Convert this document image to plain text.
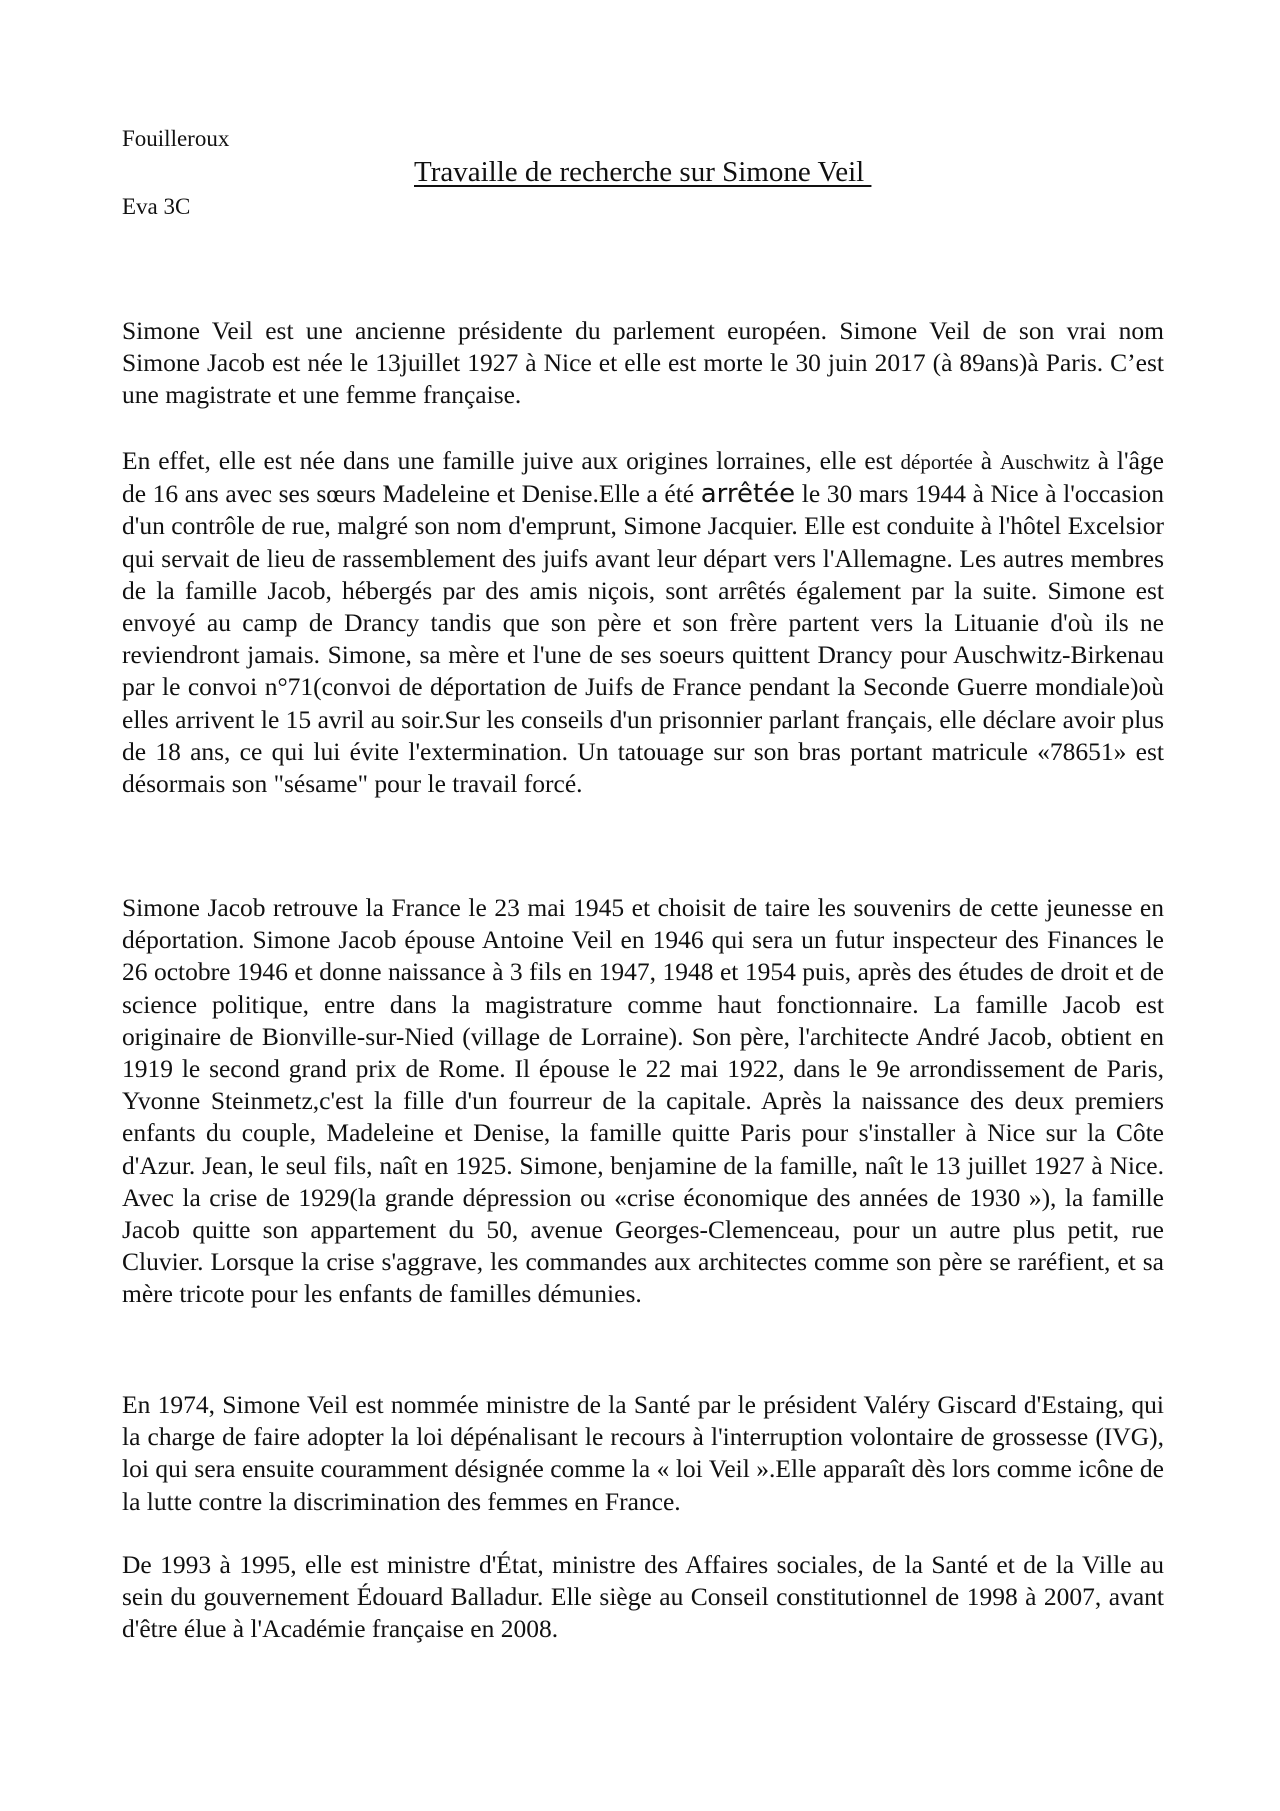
Fouilleroux
Travaille de recherche sur Simone Veil
Eva 3C

Simone Veil est une ancienne présidente du parlement européen. Simone Veil de son vrai nom Simone Jacob est née le 13juillet 1927 à Nice et elle est morte le 30 juin 2017 (à 89ans)à Paris. C’est une magistrate et une femme française.

En effet, elle est née dans une famille juive aux origines lorraines, elle est déportée à Auschwitz à l'âge de 16 ans avec ses sœurs Madeleine et Denise.Elle a été arrêtée le 30 mars 1944 à Nice à l'occasion d'un contrôle de rue, malgré son nom d'emprunt, Simone Jacquier. Elle est conduite à l'hôtel Excelsior qui servait de lieu de rassemblement des juifs avant leur départ vers l'Allemagne. Les autres membres de la famille Jacob, hébergés par des amis niçois, sont arrêtés également par la suite. Simone est envoyé au camp de Drancy tandis que son père et son frère partent vers la Lituanie d'où ils ne reviendront jamais. Simone, sa mère et l'une de ses soeurs quittent Drancy pour Auschwitz-Birkenau par le convoi n°71(convoi de déportation de Juifs de France pendant la Seconde Guerre mondiale)où elles arrivent le 15 avril au soir.Sur les conseils d'un prisonnier parlant français, elle déclare avoir plus de 18 ans, ce qui lui évite l'extermination. Un tatouage sur son bras portant matricule «78651» est désormais son "sésame" pour le travail forcé.

Simone Jacob retrouve la France le 23 mai 1945 et choisit de taire les souvenirs de cette jeunesse en déportation. Simone Jacob épouse Antoine Veil en 1946 qui sera un futur inspecteur des Finances le 26 octobre 1946 et donne naissance à 3 fils en 1947, 1948 et 1954 puis, après des études de droit et de science politique, entre dans la magistrature comme haut fonctionnaire. La famille Jacob est originaire de Bionville-sur-Nied (village de Lorraine). Son père, l'architecte André Jacob, obtient en 1919 le second grand prix de Rome. Il épouse le 22 mai 1922, dans le 9e arrondissement de Paris, Yvonne Steinmetz,c'est la fille d'un fourreur de la capitale. Après la naissance des deux premiers enfants du couple, Madeleine et Denise, la famille quitte Paris pour s'installer à Nice sur la Côte d'Azur. Jean, le seul fils, naît en 1925. Simone, benjamine de la famille, naît le 13 juillet 1927 à Nice. Avec la crise de 1929(la grande dépression ou «crise économique des années de 1930 »), la famille Jacob quitte son appartement du 50, avenue Georges-Clemenceau, pour un autre plus petit, rue Cluvier. Lorsque la crise s'aggrave, les commandes aux architectes comme son père se raréfient, et sa mère tricote pour les enfants de familles démunies.

En 1974, Simone Veil est nommée ministre de la Santé par le président Valéry Giscard d'Estaing, qui la charge de faire adopter la loi dépénalisant le recours à l'interruption volontaire de grossesse (IVG), loi qui sera ensuite couramment désignée comme la « loi Veil ».Elle apparaît dès lors comme icône de la lutte contre la discrimination des femmes en France.

De 1993 à 1995, elle est ministre d'État, ministre des Affaires sociales, de la Santé et de la Ville au sein du gouvernement Édouard Balladur. Elle siège au Conseil constitutionnel de 1998 à 2007, avant d'être élue à l'Académie française en 2008.
